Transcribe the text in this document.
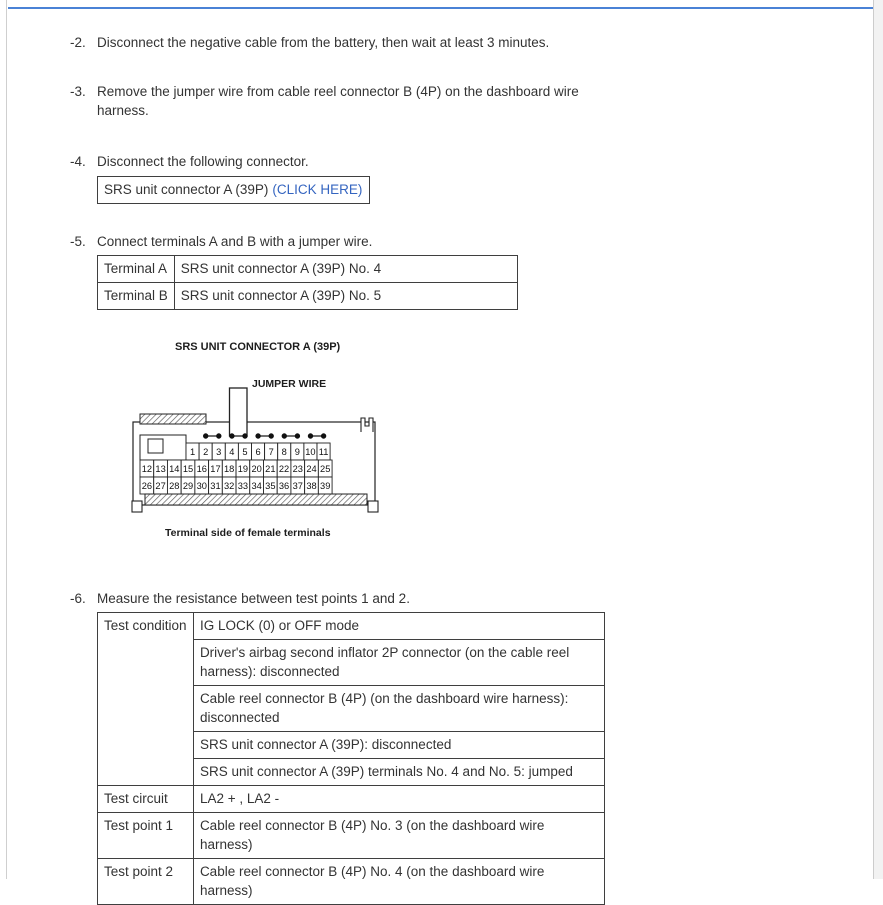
-2. Disconnect the negative cable from the battery, then wait at least 3 minutes.

-3. Remove the jumper wire from cable reel connector B (4P) on the dashboard wire harness.

-4. Disconnect the following connector.

SRS unit connector A (39P) (CLICK HERE)
-5. Connect terminals A and B with a jumper wire.

Terminal A	SRS unit connector A (39P) No. 4
Terminal B	SRS unit connector A (39P) No. 5
SRS UNIT CONNECTOR A (39P)
JUMPER WIRE
1 2 3 4 5 6 7 8 9 10 11
12 13 14 15 16 17 18 19 20 21 22 23 24 25
26 27 28 29 30 31 32 33 34 35 36 37 38 39
Terminal side of female terminals
-6. Measure the resistance between test points 1 and 2.

Test condition	IG LOCK (0) or OFF mode
	Driver's airbag second inflator 2P connector (on the cable reel harness): disconnected
	Cable reel connector B (4P) (on the dashboard wire harness): disconnected
	SRS unit connector A (39P): disconnected
	SRS unit connector A (39P) terminals No. 4 and No. 5: jumped
Test circuit	LA2 + , LA2 -
Test point 1	Cable reel connector B (4P) No. 3 (on the dashboard wire harness)
Test point 2	Cable reel connector B (4P) No. 4 (on the dashboard wire harness)
